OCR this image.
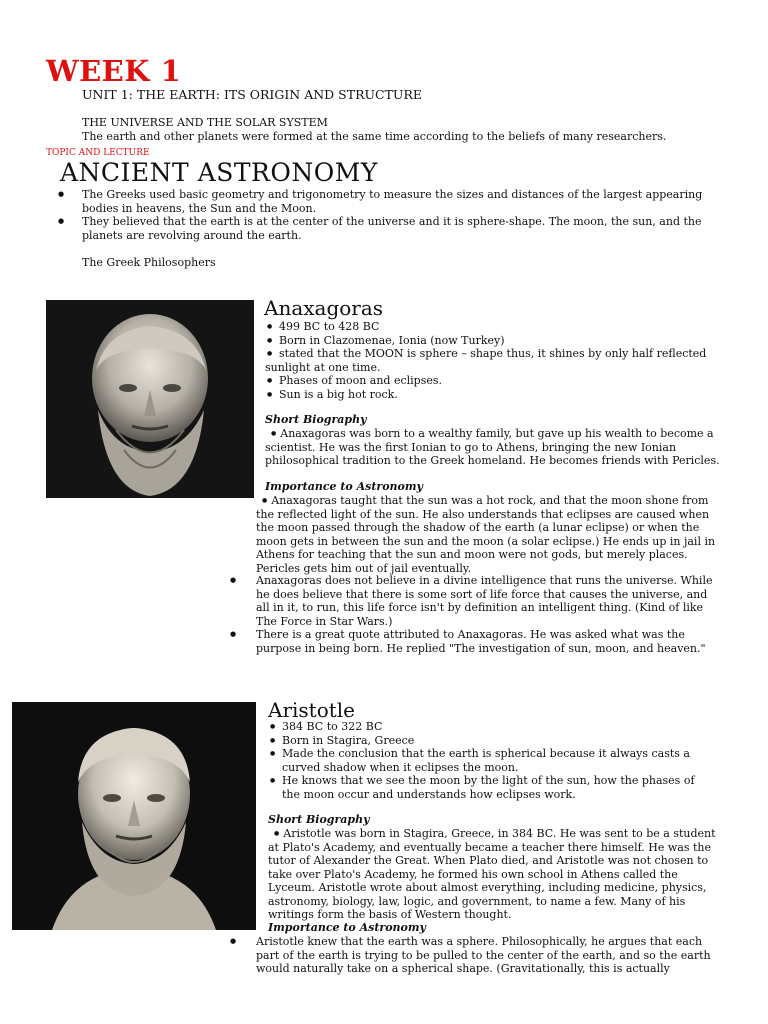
WEEK 1
UNIT 1: THE EARTH: ITS ORIGIN AND STRUCTURE
THE UNIVERSE AND THE SOLAR SYSTEM
The earth and other planets were formed at the same time according to the beliefs of many researchers.
TOPIC AND LECTURE
ANCIENT ASTRONOMY

● The Greeks used basic geometry and trigonometry to measure the sizes and distances of the largest appearing bodies in heavens, the Sun and the Moon.

● They believed that the earth is at the center of the universe and it is sphere-shape. The moon, the sun, and the planets are revolving around the earth.

The Greek Philosophers
Anaxagoras
● 499 BC to 428 BC
● Born in Clazomenae, Ionia (now Turkey)
● stated that the MOON is sphere – shape thus, it shines by only half reflected
sunlight at one time.
● Phases of moon and eclipses.
● Sun is a big hot rock.
Short Biography
● Anaxagoras was born to a wealthy family, but gave up his wealth to become a scientist. He was the first Ionian to go to Athens, bringing the new Ionian philosophical tradition to the Greek homeland. He becomes friends with Pericles.
Importance to Astronomy
● Anaxagoras taught that the sun was a hot rock, and that the moon shone from the reflected light of the sun. He also understands that eclipses are caused when the moon passed through the shadow of the earth (a lunar eclipse) or when the moon gets in between the sun and the moon (a solar eclipse.) He ends up in jail in Athens for teaching that the sun and moon were not gods, but merely places. Pericles gets him out of jail eventually.

● Anaxagoras does not believe in a divine intelligence that runs the universe. While he does believe that there is some sort of life force that causes the universe, and all in it, to run, this life force isn't by definition an intelligent thing. (Kind of like The Force in Star Wars.)

● There is a great quote attributed to Anaxagoras. He was asked what was the purpose in being born. He replied "The investigation of sun, moon, and heaven."

Aristotle
● 384 BC to 322 BC
● Born in Stagira, Greece
● Made the conclusion that the earth is spherical because it always casts a curved shadow when it eclipses the moon.
● He knows that we see the moon by the light of the sun, how the phases of the moon occur and understands how eclipses work.
Short Biography
● Aristotle was born in Stagira, Greece, in 384 BC. He was sent to be a student at Plato's Academy, and eventually became a teacher there himself. He was the tutor of Alexander the Great. When Plato died, and Aristotle was not chosen to take over Plato's Academy, he formed his own school in Athens called the Lyceum. Aristotle wrote about almost everything, including medicine, physics, astronomy, biology, law, logic, and government, to name a few. Many of his writings form the basis of Western thought.
Importance to Astronomy

● Aristotle knew that the earth was a sphere. Philosophically, he argues that each part of the earth is trying to be pulled to the center of the earth, and so the earth would naturally take on a spherical shape. (Gravitationally, this is actually
